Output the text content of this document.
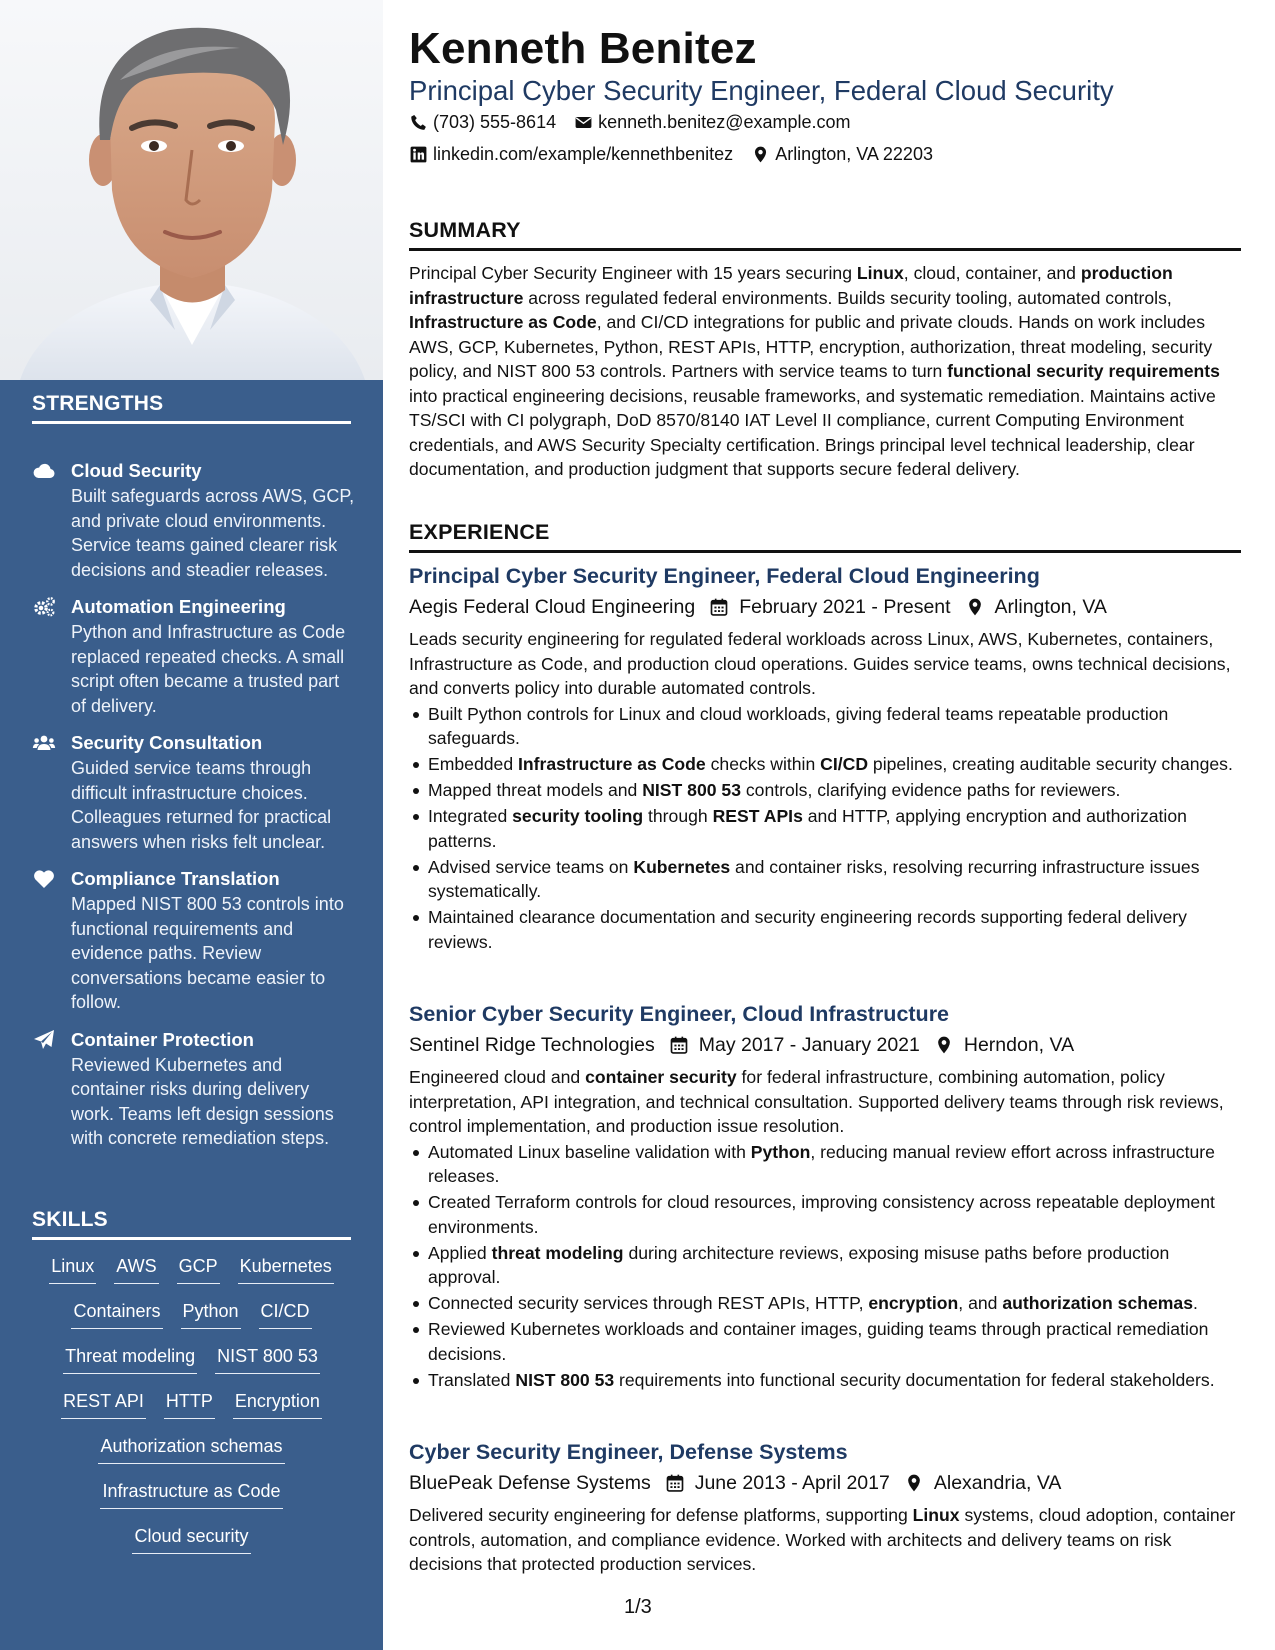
STRENGTHS
Cloud Security
Built safeguards across AWS, GCP, and private cloud environments. Service teams gained clearer risk decisions and steadier releases.
Automation Engineering
Python and Infrastructure as Code replaced repeated checks. A small script often became a trusted part of delivery.
Security Consultation
Guided service teams through difficult infrastructure choices. Colleagues returned for practical answers when risks felt unclear.
Compliance Translation
Mapped NIST 800 53 controls into functional requirements and evidence paths. Review conversations became easier to follow.
Container Protection
Reviewed Kubernetes and container risks during delivery work. Teams left design sessions with concrete remediation steps.
SKILLS
Linux AWS GCP Kubernetes
Containers Python CI/CD
Threat modeling NIST 800 53
REST API HTTP Encryption
Authorization schemas
Infrastructure as Code
Cloud security
Kenneth Benitez
Principal Cyber Security Engineer, Federal Cloud Security
(703) 555-8614 kenneth.benitez@example.com
linkedin.com/example/kennethbenitez Arlington, VA 22203
SUMMARY
Principal Cyber Security Engineer with 15 years securing Linux, cloud, container, and production infrastructure across regulated federal environments. Builds security tooling, automated controls, Infrastructure as Code, and CI/CD integrations for public and private clouds. Hands on work includes AWS, GCP, Kubernetes, Python, REST APIs, HTTP, encryption, authorization, threat modeling, security policy, and NIST 800 53 controls. Partners with service teams to turn functional security requirements into practical engineering decisions, reusable frameworks, and systematic remediation. Maintains active TS/SCI with CI polygraph, DoD 8570/8140 IAT Level II compliance, current Computing Environment credentials, and AWS Security Specialty certification. Brings principal level technical leadership, clear documentation, and production judgment that supports secure federal delivery.
EXPERIENCE
Principal Cyber Security Engineer, Federal Cloud Engineering
Aegis Federal Cloud Engineering February 2021 - Present Arlington, VA
Leads security engineering for regulated federal workloads across Linux, AWS, Kubernetes, containers, Infrastructure as Code, and production cloud operations. Guides service teams, owns technical decisions, and converts policy into durable automated controls.
Built Python controls for Linux and cloud workloads, giving federal teams repeatable production safeguards.
Embedded Infrastructure as Code checks within CI/CD pipelines, creating auditable security changes.
Mapped threat models and NIST 800 53 controls, clarifying evidence paths for reviewers.
Integrated security tooling through REST APIs and HTTP, applying encryption and authorization patterns.
Advised service teams on Kubernetes and container risks, resolving recurring infrastructure issues systematically.
Maintained clearance documentation and security engineering records supporting federal delivery reviews.
Senior Cyber Security Engineer, Cloud Infrastructure
Sentinel Ridge Technologies May 2017 - January 2021 Herndon, VA
Engineered cloud and container security for federal infrastructure, combining automation, policy interpretation, API integration, and technical consultation. Supported delivery teams through risk reviews, control implementation, and production issue resolution.
Automated Linux baseline validation with Python, reducing manual review effort across infrastructure releases.
Created Terraform controls for cloud resources, improving consistency across repeatable deployment environments.
Applied threat modeling during architecture reviews, exposing misuse paths before production approval.
Connected security services through REST APIs, HTTP, encryption, and authorization schemas.
Reviewed Kubernetes workloads and container images, guiding teams through practical remediation decisions.
Translated NIST 800 53 requirements into functional security documentation for federal stakeholders.
Cyber Security Engineer, Defense Systems
BluePeak Defense Systems June 2013 - April 2017 Alexandria, VA
Delivered security engineering for defense platforms, supporting Linux systems, cloud adoption, container controls, automation, and compliance evidence. Worked with architects and delivery teams on risk decisions that protected production services.
1/3
